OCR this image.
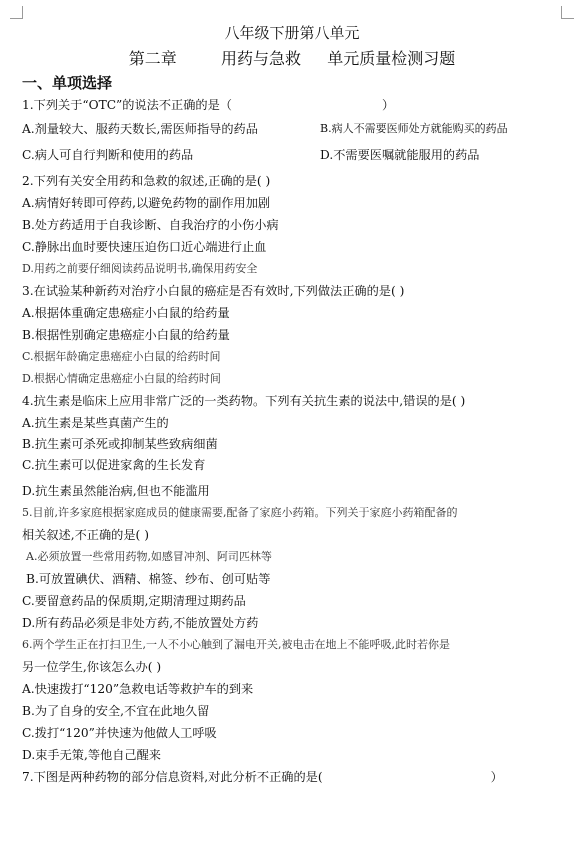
八年级下册第八单元
第二章	用药与急救 单元质量检测习题
一、单项选择
1.下列关于“OTC”的说法不正确的是（	）
A.剂量较大、服药天数长,需医师指导的药品	B.病人不需要医师处方就能购买的药品
C.病人可自行判断和使用的药品	D.不需要医嘱就能服用的药品
2.下列有关安全用药和急救的叙述,正确的是( )
A.病情好转即可停药,以避免药物的副作用加剧
B.处方药适用于自我诊断、自我治疗的小伤小病
C.静脉出血时要快速压迫伤口近心端进行止血
D.用药之前要仔细阅读药品说明书,确保用药安全
3.在试验某种新药对治疗小白鼠的癌症是否有效时,下列做法正确的是( )
A.根据体重确定患癌症小白鼠的给药量
B.根据性别确定患癌症小白鼠的给药量
C.根据年龄确定患癌症小白鼠的给药时间
D.根据心情确定患癌症小白鼠的给药时间
4.抗生素是临床上应用非常广泛的一类药物。下列有关抗生素的说法中,错误的是( )
A.抗生素是某些真菌产生的
B.抗生素可杀死或抑制某些致病细菌
C.抗生素可以促进家禽的生长发育
D.抗生素虽然能治病,但也不能滥用
5.目前,许多家庭根据家庭成员的健康需要,配备了家庭小药箱。下列关于家庭小药箱配备的
相关叙述,不正确的是( )
A.必须放置一些常用药物,如感冒冲剂、阿司匹林等
B.可放置碘伏、酒精、棉签、纱布、创可贴等
C.要留意药品的保质期,定期清理过期药品
D.所有药品必须是非处方药,不能放置处方药
6.两个学生正在打扫卫生,一人不小心触到了漏电开关,被电击在地上不能呼吸,此时若你是
另一位学生,你该怎么办( )
A.快速拨打“120”急救电话等救护车的到来
B.为了自身的安全,不宜在此地久留
C.拨打“120”并快速为他做人工呼吸
D.束手无策,等他自己醒来
7.下图是两种药物的部分信息资料,对此分析不正确的是(	）
